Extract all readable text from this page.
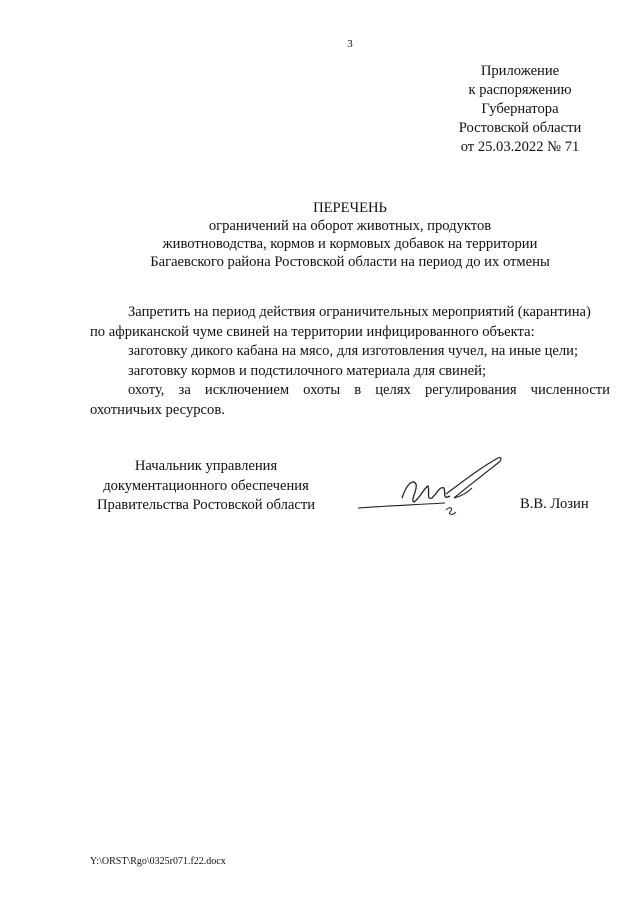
3
Приложение
к распоряжению
Губернатора
Ростовской области
от 25.03.2022 № 71
ПЕРЕЧЕНЬ
ограничений на оборот животных, продуктов
животноводства, кормов и кормовых добавок на территории
Багаевского района Ростовской области на период до их отмены
Запретить на период действия ограничительных мероприятий (карантина)
по африканской чуме свиней на территории инфицированного объекта:
заготовку дикого кабана на мясо, для изготовления чучел, на иные цели;
заготовку кормов и подстилочного материала для свиней;
охоту, за исключением охоты в целях регулирования численности
охотничьих ресурсов.
Начальник управления
документационного обеспечения
Правительства Ростовской области	В.В. Лозин
Y:\ORST\Rgo\0325r071.f22.docx
